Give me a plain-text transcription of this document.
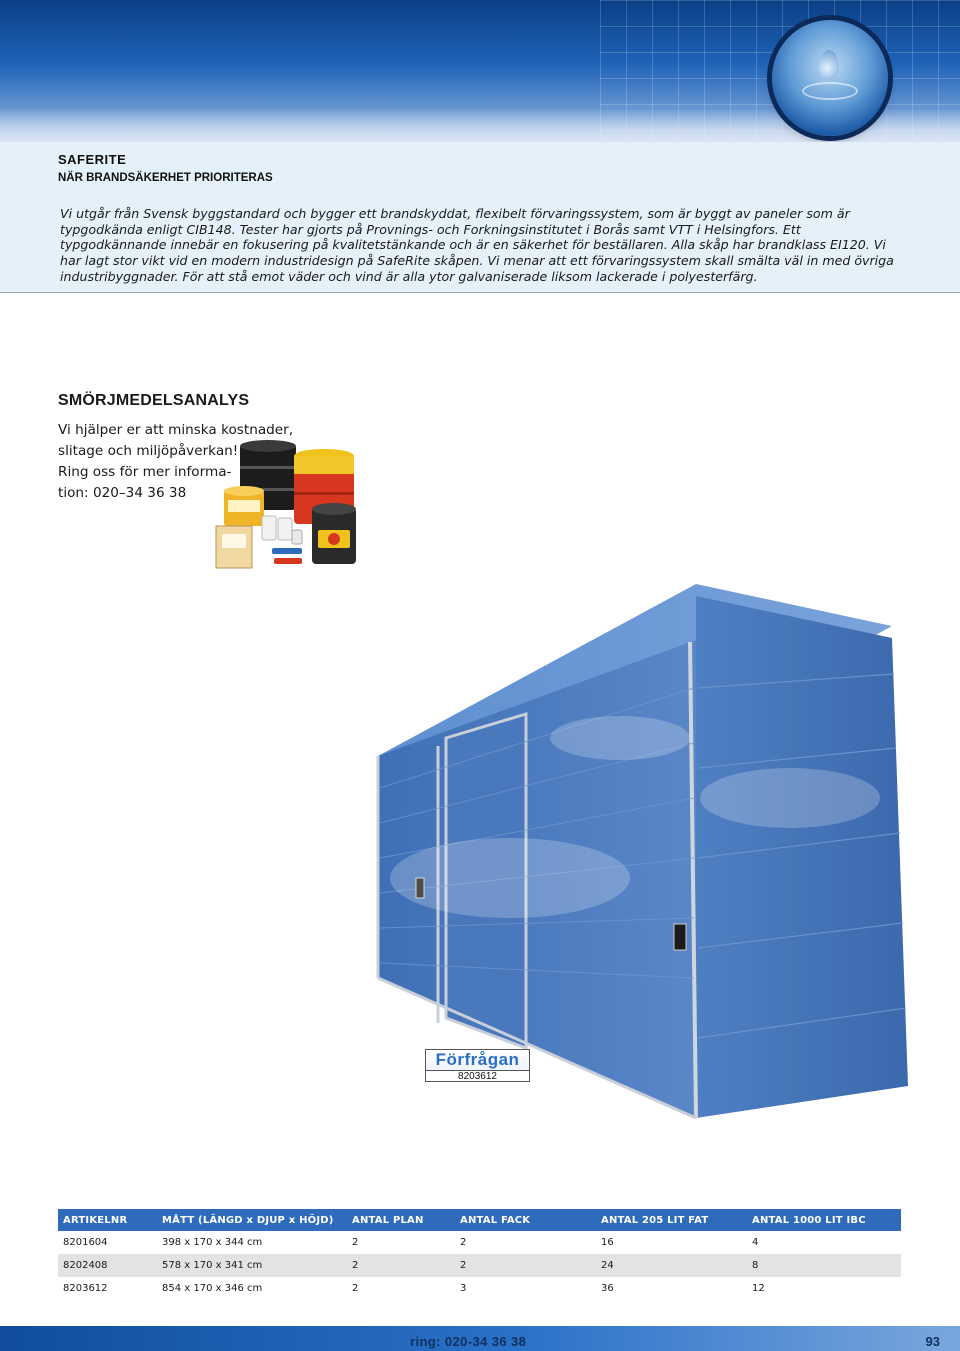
SAFERITE
NÄR BRANDSÄKERHET PRIORITERAS

Vi utgår från Svensk byggstandard och bygger ett brandskyddat, flexibelt förvaringssystem, som är byggt av paneler som är typgodkända enligt CIB148. Tester har gjorts på Provnings- och Forkningsinstitutet i Borås samt VTT i Helsingfors. Ett typgodkännande innebär en fokusering på kvalitetstänkande och är en säkerhet för beställaren. Alla skåp har brandklass EI120. Vi har lagt stor vikt vid en modern industridesign på SafeRite skåpen. Vi menar att ett förvaringssystem skall smälta väl in med övriga industribyggnader. För att stå emot väder och vind är alla ytor galvaniserade liksom lackerade i polyesterfärg.

SMÖRJMEDELSANALYS
Vi hjälper er att minska kostnader,
slitage och miljöpåverkan!
Ring oss för mer informa-
tion: 020–34 36 38
Förfrågan
8203612
ARTIKELNR	MÅTT (LÄNGD x DJUP x HÖJD)	ANTAL PLAN	ANTAL FACK	ANTAL 205 LIT FAT	ANTAL 1000 LIT IBC
8201604	398 x 170 x 344 cm	2	2	16	4
8202408	578 x 170 x 341 cm	2	2	24	8
8203612	854 x 170 x 346 cm	2	3	36	12
ring: 020-34 36 38	93
